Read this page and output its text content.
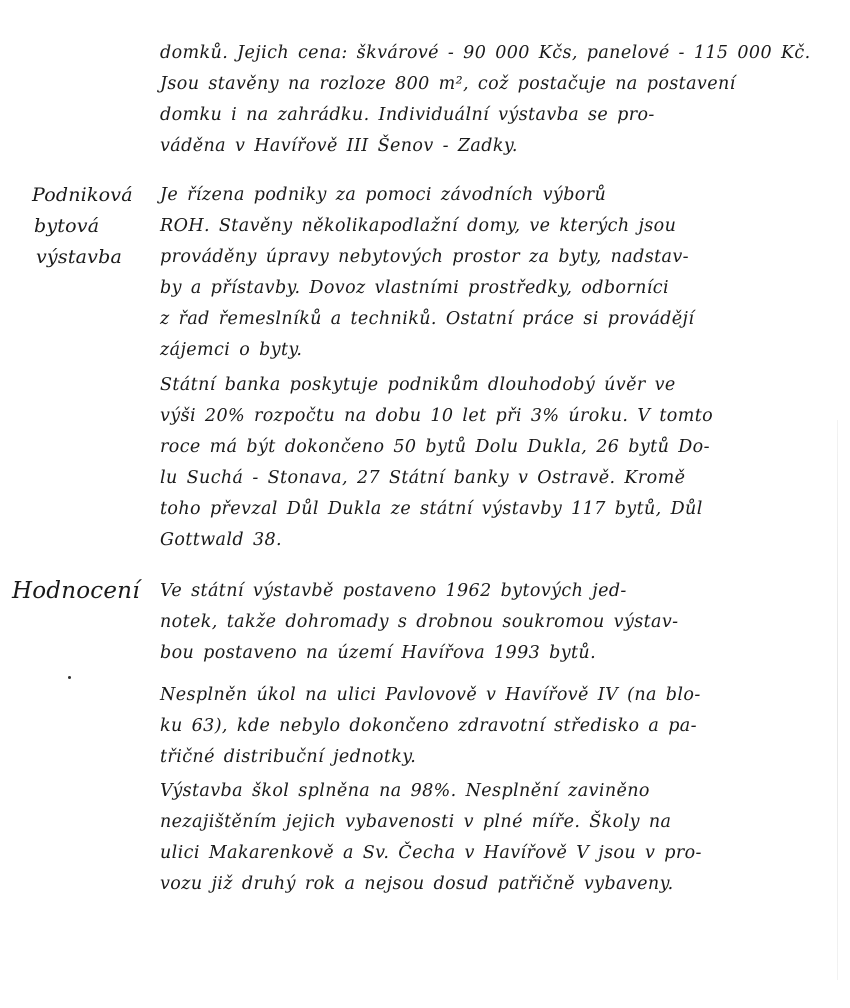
domků. Jejich cena: škvárové - 90 000 Kčs, panelové - 115 000 Kč.
Jsou stavěny na rozloze 800 m², což postačuje na postavení
domku i na zahrádku. Individuální výstavba se pro-
váděna v Havířově III Šenov - Zadky.
Podniková
bytová
výstavba
Je řízena podniky za pomoci závodních výborů
ROH. Stavěny několikapodlažní domy, ve kterých jsou
prováděny úpravy nebytových prostor za byty, nadstav-
by a přístavby. Dovoz vlastními prostředky, odborníci
z řad řemeslníků a techniků. Ostatní práce si provádějí
zájemci o byty.
Státní banka poskytuje podnikům dlouhodobý úvěr ve
výši 20% rozpočtu na dobu 10 let při 3% úroku. V tomto
roce má být dokončeno 50 bytů Dolu Dukla, 26 bytů Do-
lu Suchá - Stonava, 27 Státní banky v Ostravě. Kromě
toho převzal Důl Dukla ze státní výstavby 117 bytů, Důl
Gottwald 38.
Hodnocení Ve státní výstavbě postaveno 1962 bytových jed-
notek, takže dohromady s drobnou soukromou výstav-
bou postaveno na území Havířova 1993 bytů.
Nesplněn úkol na ulici Pavlovově v Havířově IV (na blo-
ku 63), kde nebylo dokončeno zdravotní středisko a pa-
třičné distribuční jednotky.
Výstavba škol splněna na 98%. Nesplnění zaviněno
nezajištěním jejich vybavenosti v plné míře. Školy na
ulici Makarenkově a Sv. Čecha v Havířově V jsou v pro-
vozu již druhý rok a nejsou dosud patřičně vybaveny.
